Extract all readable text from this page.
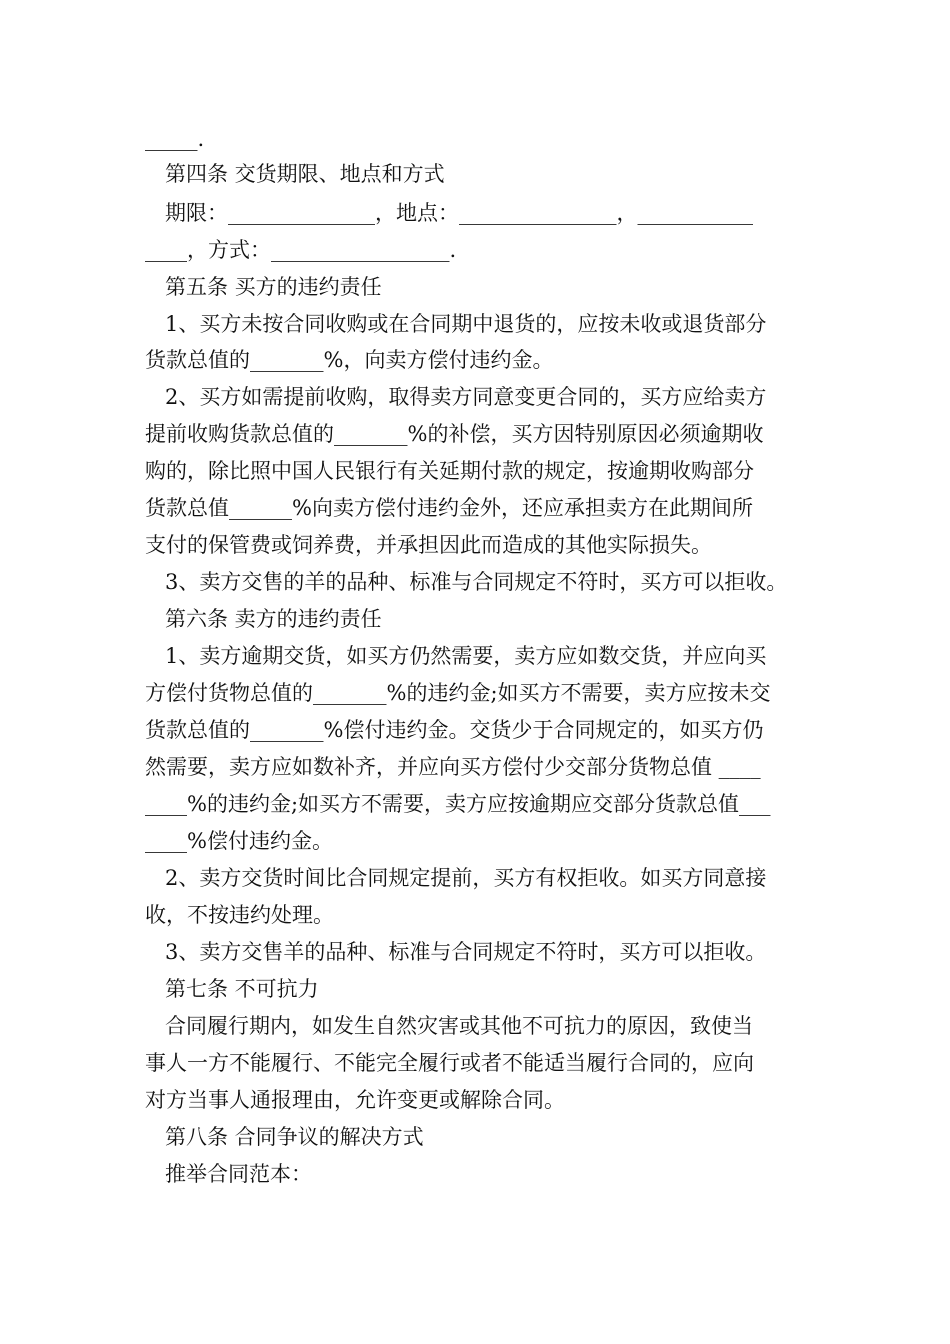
_____.
第四条 交货期限、地点和方式
期限：______________，地点：_______________，___________
____，方式：_________________.
第五条 买方的违约责任
1、买方未按合同收购或在合同期中退货的，应按未收或退货部分
货款总值的_______%，向卖方偿付违约金。
2、买方如需提前收购，取得卖方同意变更合同的，买方应给卖方
提前收购货款总值的_______%的补偿，买方因特别原因必须逾期收
购的，除比照中国人民银行有关延期付款的规定，按逾期收购部分
货款总值______%向卖方偿付违约金外，还应承担卖方在此期间所
支付的保管费或饲养费，并承担因此而造成的其他实际损失。
3、卖方交售的羊的品种、标准与合同规定不符时，买方可以拒收。
第六条 卖方的违约责任
1、卖方逾期交货，如买方仍然需要，卖方应如数交货，并应向买
方偿付货物总值的_______%的违约金;如买方不需要，卖方应按未交
货款总值的_______%偿付违约金。交货少于合同规定的，如买方仍
然需要，卖方应如数补齐，并应向买方偿付少交部分货物总值 ____
____%的违约金;如买方不需要，卖方应按逾期应交部分货款总值___
____%偿付违约金。
2、卖方交货时间比合同规定提前，买方有权拒收。如买方同意接
收，不按违约处理。
3、卖方交售羊的品种、标准与合同规定不符时，买方可以拒收。
第七条 不可抗力
合同履行期内，如发生自然灾害或其他不可抗力的原因，致使当
事人一方不能履行、不能完全履行或者不能适当履行合同的，应向
对方当事人通报理由，允许变更或解除合同。
第八条 合同争议的解决方式
推举合同范本：
